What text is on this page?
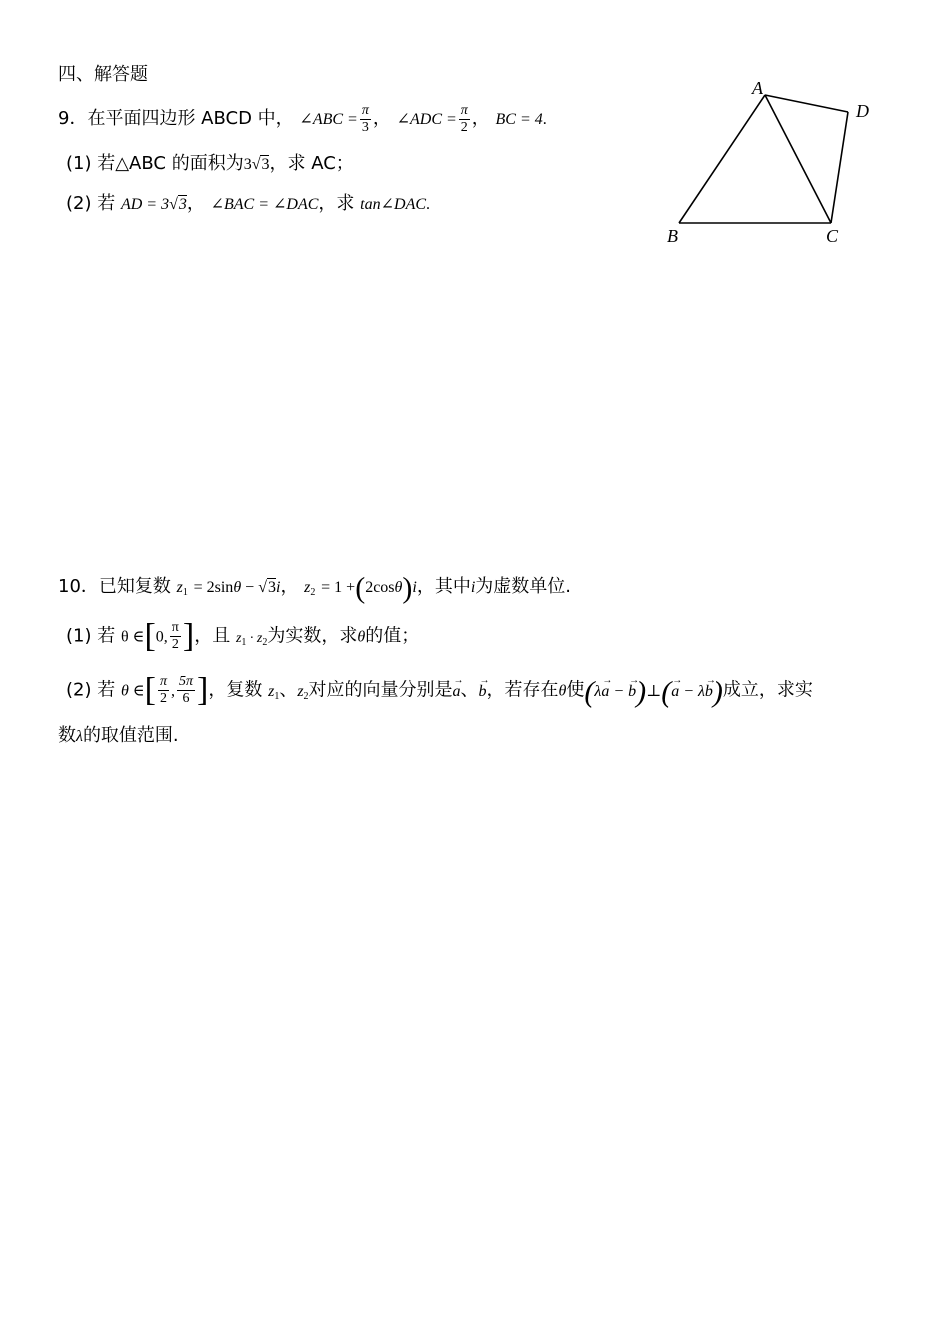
四、解答题
9．在平面四边形 ABCD 中， ∠ABC = $\frac{\pi}{3}$ ， ∠ADC = $\frac{\pi}{2}$ ， BC = 4.
(1) 若△ABC 的面积为3√3，求 AC；
(2) 若 AD = 3√3， ∠BAC = ∠DAC，求 tan∠DAC.
A
B	C
D
10．已知复数 $z_1 = 2\sin\theta - √3i$， $z_2 = 1 +(2\cos\theta)i$，其中i为虚数单位.
(1) 若 θ ∈[0, $\frac{\pi}{2}$ ]，且 $z_1 \cdot z_2$为实数，求θ的值；
(2) 若 θ ∈[ $\frac{\pi}{2}$ , $\frac{5\pi}{6}$ ]，复数 $z_1$、$z_2$对应的向量分别是→ a、→ b，若存在θ使(λ→ a − → b)⊥(→ a − λ→ b)成立，求实
数λ的取值范围.
